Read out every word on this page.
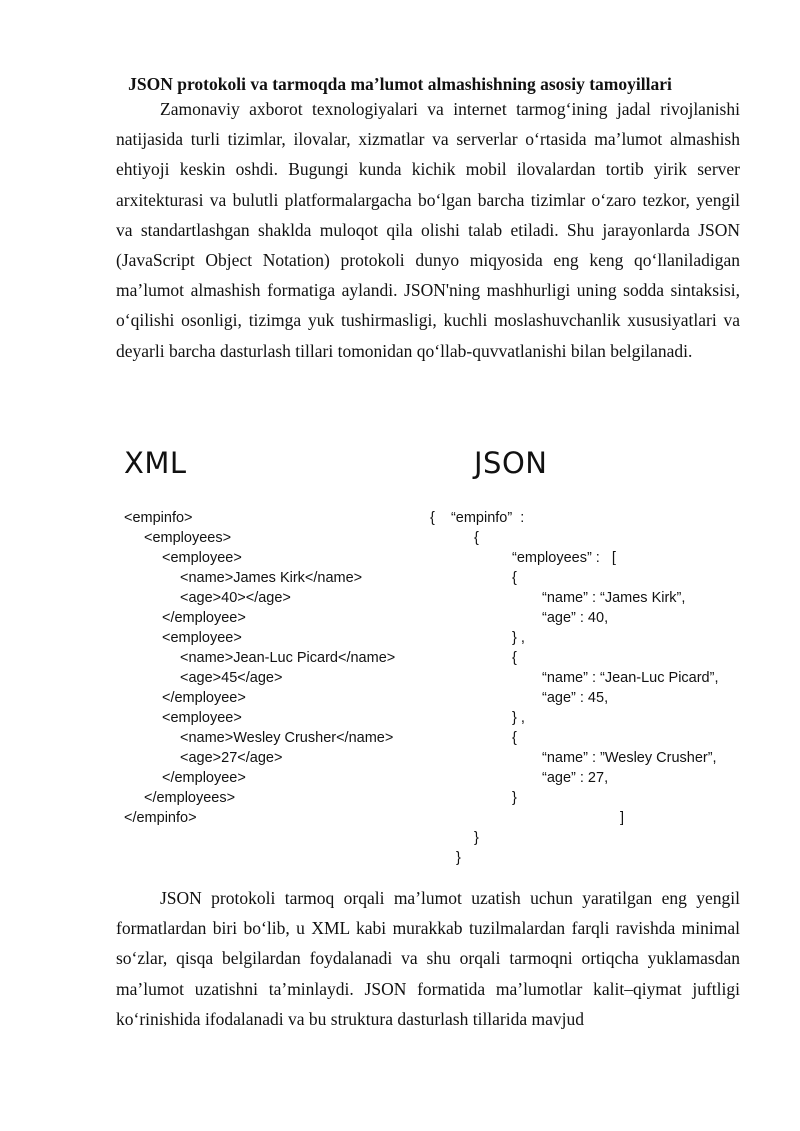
JSON protokoli va tarmoqda ma’lumot almashishning asosiy tamoyillari

Zamonaviy axborot texnologiyalari va internet tarmog‘ining jadal rivojlanishi natijasida turli tizimlar, ilovalar, xizmatlar va serverlar o‘rtasida ma’lumot almashish ehtiyoji keskin oshdi. Bugungi kunda kichik mobil ilovalardan tortib yirik server arxitekturasi va bulutli platformalargacha bo‘lgan barcha tizimlar o‘zaro tezkor, yengil va standartlashgan shaklda muloqot qila olishi talab etiladi. Shu jarayonlarda JSON (JavaScript Object Notation) protokoli dunyo miqyosida eng keng qo‘llaniladigan ma’lumot almashish formatiga aylandi. JSON'ning mashhurligi uning sodda sintaksisi, o‘qilishi osonligi, tizimga yuk tushirmasligi, kuchli moslashuvchanlik xususiyatlari va deyarli barcha dasturlash tillari tomonidan qo‘llab-quvvatlanishi bilan belgilanadi.

XML	JSON
<empinfo>
<employees>
<employee>
<name>James Kirk</name>
<age>40></age>
</employee>
<employee>
<name>Jean-Luc Picard</name>
<age>45</age>
</employee>
<employee>
<name>Wesley Crusher</name>
<age>27</age>
</employee>
</employees>
</empinfo>
{    “empinfo”  :
{
“employees” :   [
{
“name” : “James Kirk”,
“age” : 40,
} ,
{
“name” : “Jean-Luc Picard”,
“age” : 45,
} ,
{
“name” : ”Wesley Crusher”,
“age” : 27,
}
]
}
}

JSON protokoli tarmoq orqali ma’lumot uzatish uchun yaratilgan eng yengil formatlardan biri bo‘lib, u XML kabi murakkab tuzilmalardan farqli ravishda minimal so‘zlar, qisqa belgilardan foydalanadi va shu orqali tarmoqni ortiqcha yuklamasdan ma’lumot uzatishni ta’minlaydi. JSON formatida ma’lumotlar kalit–qiymat juftligi ko‘rinishida ifodalanadi va bu struktura dasturlash tillarida mavjud
